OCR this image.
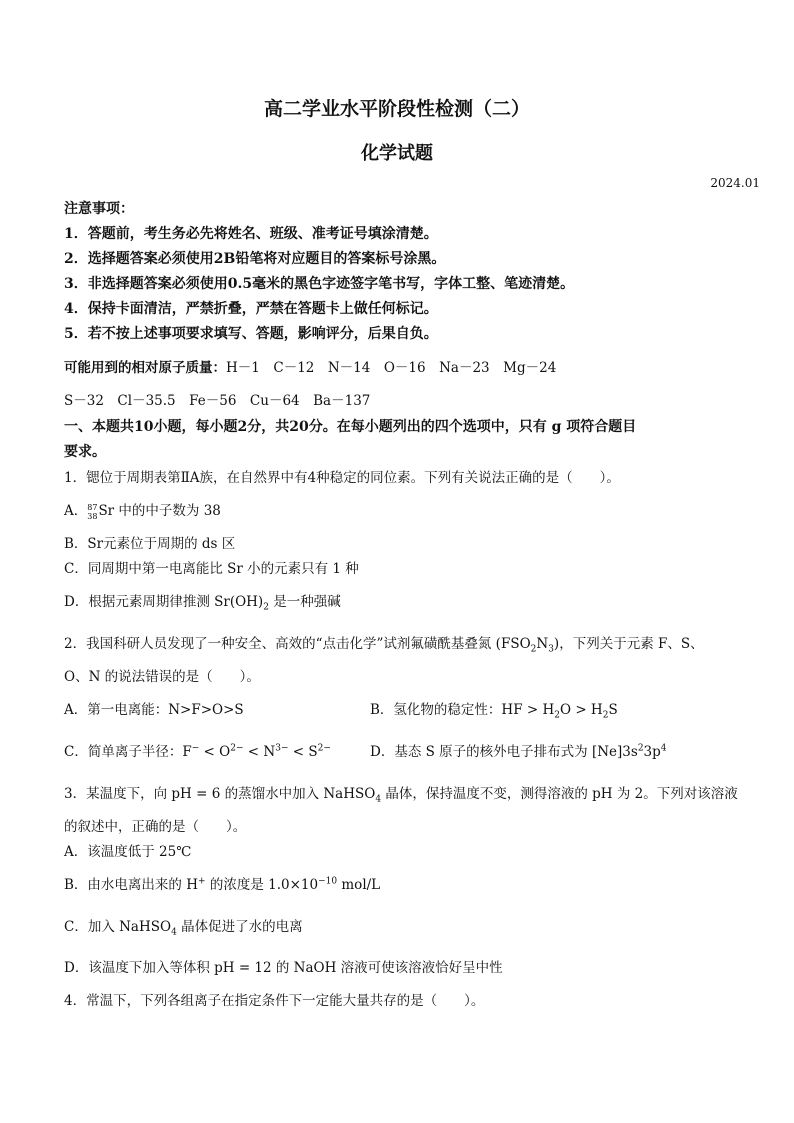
高二学业水平阶段性检测（二）
化学试题
2024.01
注意事项：
1．答题前，考生务必先将姓名、班级、准考证号填涂清楚。
2．选择题答案必须使用2B铅笔将对应题目的答案标号涂黑。
3．非选择题答案必须使用0.5毫米的黑色字迹签字笔书写，字体工整、笔迹清楚。
4．保持卡面清洁，严禁折叠，严禁在答题卡上做任何标记。
5．若不按上述事项要求填写、答题，影响评分，后果自负。
可能用到的相对原子质量：H－1　C－12　N－14　O－16　Na－23　Mg－24
S－32　Cl－35.5　Fe－56　Cu－64　Ba－137
一、本题共10小题，每小题2分，共20分。在每小题列出的四个选项中，只有 g 项符合题目
要求。
1．锶位于周期表第ⅡA族，在自然界中有4种稳定的同位素。下列有关说法正确的是（　　）。
A． 87
38 Sr 中的中子数为 38
B．Sr元素位于周期的 ds 区
C．同周期中第一电离能比 Sr 小的元素只有 1 种
D．根据元素周期律推测 $Sr(OH)_2$ 是一种强碱
2．我国科研人员发现了一种安全、高效的“点击化学”试剂氟磺酰基叠氮 $(FSO_2N_3)$，下列关于元素 F、S、
O、N 的说法错误的是（　　）。
A．第一电离能：N>F>O>S	B．氢化物的稳定性：HF > $H_2O > H_2S$
C．简单离子半径：$F^- < O^{2-} < N^{3-} < S^{2-}$	D．基态 S 原子的核外电子排布式为 $[Ne]3s^23p^4$
3．某温度下，向 pH = 6 的蒸馏水中加入 NaHSO$_4$ 晶体，保持温度不变，测得溶液的 pH 为 2。下列对该溶液
的叙述中，正确的是（　　）。
A．该温度低于 25℃
B．由水电离出来的 H+ 的浓度是 $1.0\times 10^{-10}$ mol/L
C．加入 NaHSO$_4$ 晶体促进了水的电离
D．该温度下加入等体积 pH = 12 的 NaOH 溶液可使该溶液恰好呈中性
4．常温下，下列各组离子在指定条件下一定能大量共存的是（　　）。
